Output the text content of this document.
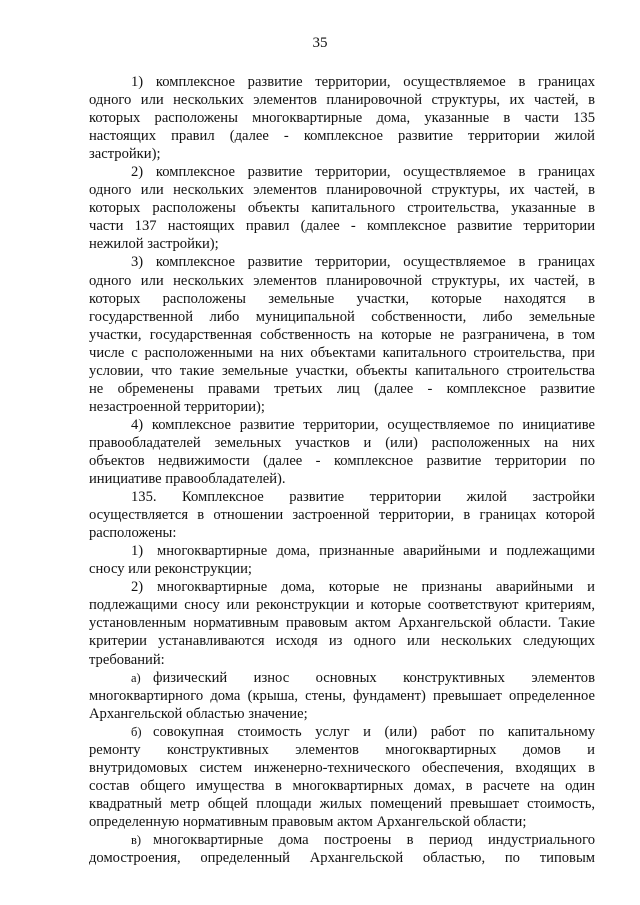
35
1) комплексное развитие территории, осуществляемое в границах
одного или нескольких элементов планировочной структуры, их частей, в
которых расположены многоквартирные дома, указанные в части 135
настоящих правил (далее - комплексное развитие территории жилой
застройки);
2) комплексное развитие территории, осуществляемое в границах
одного или нескольких элементов планировочной структуры, их частей, в
которых расположены объекты капитального строительства, указанные в
части 137 настоящих правил (далее - комплексное развитие территории
нежилой застройки);
3) комплексное развитие территории, осуществляемое в границах
одного или нескольких элементов планировочной структуры, их частей, в
которых расположены земельные участки, которые находятся в
государственной либо муниципальной собственности, либо земельные
участки, государственная собственность на которые не разграничена, в том
числе с расположенными на них объектами капитального строительства, при
условии, что такие земельные участки, объекты капитального строительства
не обременены правами третьих лиц (далее - комплексное развитие
незастроенной территории);
4) комплексное развитие территории, осуществляемое по инициативе
правообладателей земельных участков и (или) расположенных на них
объектов недвижимости (далее - комплексное развитие территории по
инициативе правообладателей).
135. Комплексное развитие территории жилой застройки
осуществляется в отношении застроенной территории, в границах которой
расположены:
1) многоквартирные дома, признанные аварийными и подлежащими
сносу или реконструкции;
2) многоквартирные дома, которые не признаны аварийными и
подлежащими сносу или реконструкции и которые соответствуют критериям,
установленным нормативным правовым актом Архангельской области. Такие
критерии устанавливаются исходя из одного или нескольких следующих
требований:
а) физический износ основных конструктивных элементов
многоквартирного дома (крыша, стены, фундамент) превышает определенное
Архангельской областью значение;
б) совокупная стоимость услуг и (или) работ по капитальному
ремонту конструктивных элементов многоквартирных домов и
внутридомовых систем инженерно-технического обеспечения, входящих в
состав общего имущества в многоквартирных домах, в расчете на один
квадратный метр общей площади жилых помещений превышает стоимость,
определенную нормативным правовым актом Архангельской области;
в) многоквартирные дома построены в период индустриального
домостроения, определенный Архангельской областью, по типовым
